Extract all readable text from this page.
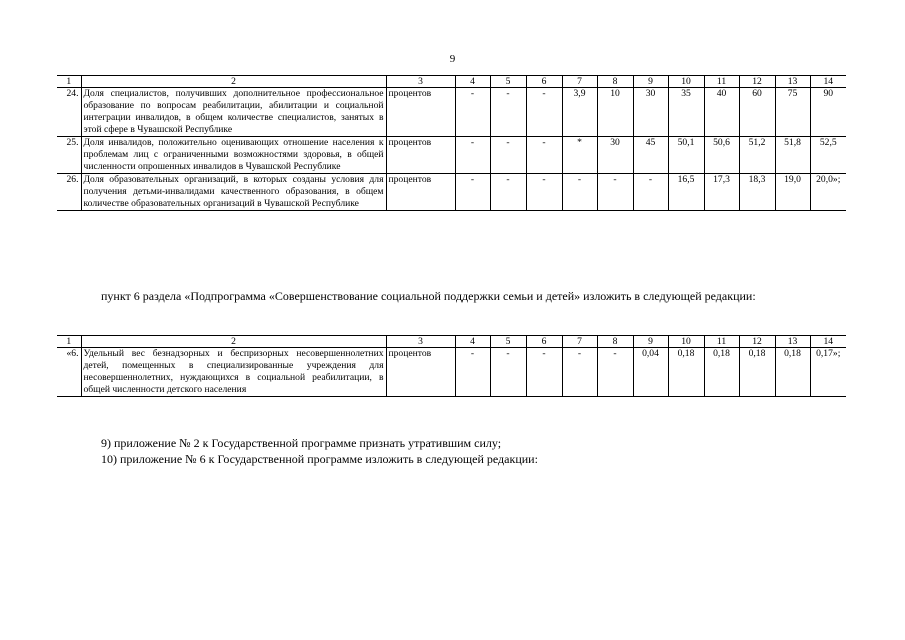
9
1	2	3	4	5	6	7	8	9	10	11	12	13	14
24.	Доля специалистов, получивших дополнительное профессиональное образование по вопросам реабилитации, абилитации и социальной интеграции инвалидов, в общем количестве специалистов, занятых в этой сфере в Чувашской Республике	процентов	-	-	-	3,9	10	30	35	40	60	75	90
25.	Доля инвалидов, положительно оценивающих отношение населения к проблемам лиц с ограниченными возможностями здоровья, в общей численности опрошенных инвалидов в Чувашской Республике	процентов	-	-	-	*	30	45	50,1	50,6	51,2	51,8	52,5
26.	Доля образовательных организаций, в которых созданы условия для получения детьми-инвалидами качественного образования, в общем количестве образовательных организаций в Чувашской Республике	процентов	-	-	-	-	-	-	16,5	17,3	18,3	19,0	20,0»;
пункт 6 раздела «Подпрограмма «Совершенствование социальной поддержки семьи и детей» изложить в следующей редакции:
1	2	3	4	5	6	7	8	9	10	11	12	13	14
«6.	Удельный вес безнадзорных и беспризорных несовершеннолетних детей, помещенных в специализированные учреждения для несовершеннолетних, нуждающихся в социальной реабилитации, в общей численности детского населения	процентов	-	-	-	-	-	0,04	0,18	0,18	0,18	0,18	0,17»;
9) приложение № 2 к Государственной программе признать утратившим силу;
10) приложение № 6 к Государственной программе изложить в следующей редакции:
